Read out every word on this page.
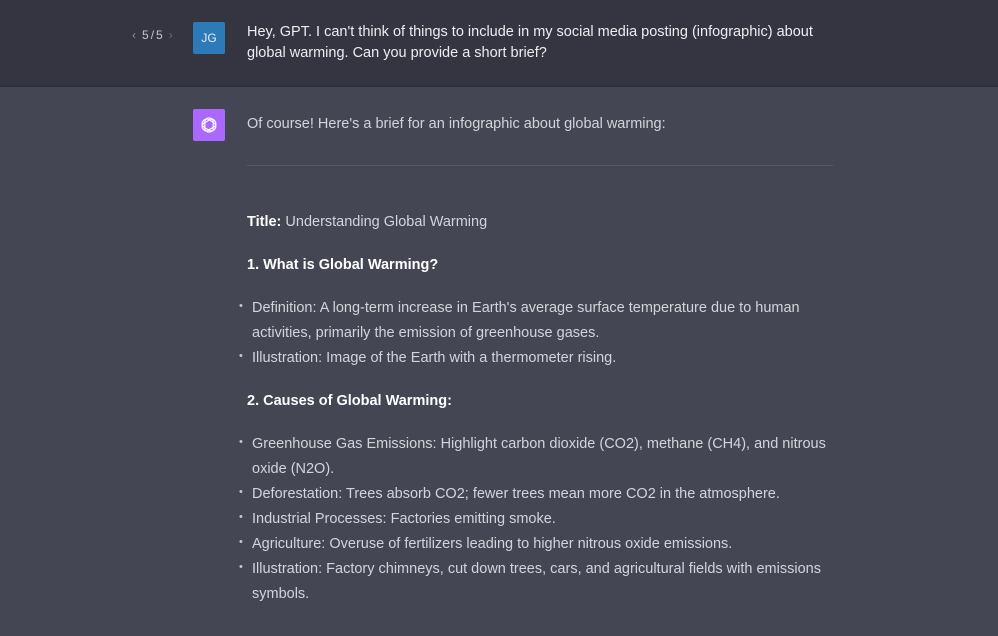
‹ 5 / 5 › JG Hey, GPT. I can't think of things to include in my social media posting (infographic) about global warming. Can you provide a short brief?

Of course! Here's a brief for an infographic about global warming:

Title: Understanding Global Warming
1. What is Global Warming?
• Definition: A long-term increase in Earth's average surface temperature due to human activities, primarily the emission of greenhouse gases.
• Illustration: Image of the Earth with a thermometer rising.
2. Causes of Global Warming:
• Greenhouse Gas Emissions: Highlight carbon dioxide (CO2), methane (CH4), and nitrous oxide (N2O).
• Deforestation: Trees absorb CO2; fewer trees mean more CO2 in the atmosphere.
• Industrial Processes: Factories emitting smoke.
• Agriculture: Overuse of fertilizers leading to higher nitrous oxide emissions.
• Illustration: Factory chimneys, cut down trees, cars, and agricultural fields with emissions symbols.
